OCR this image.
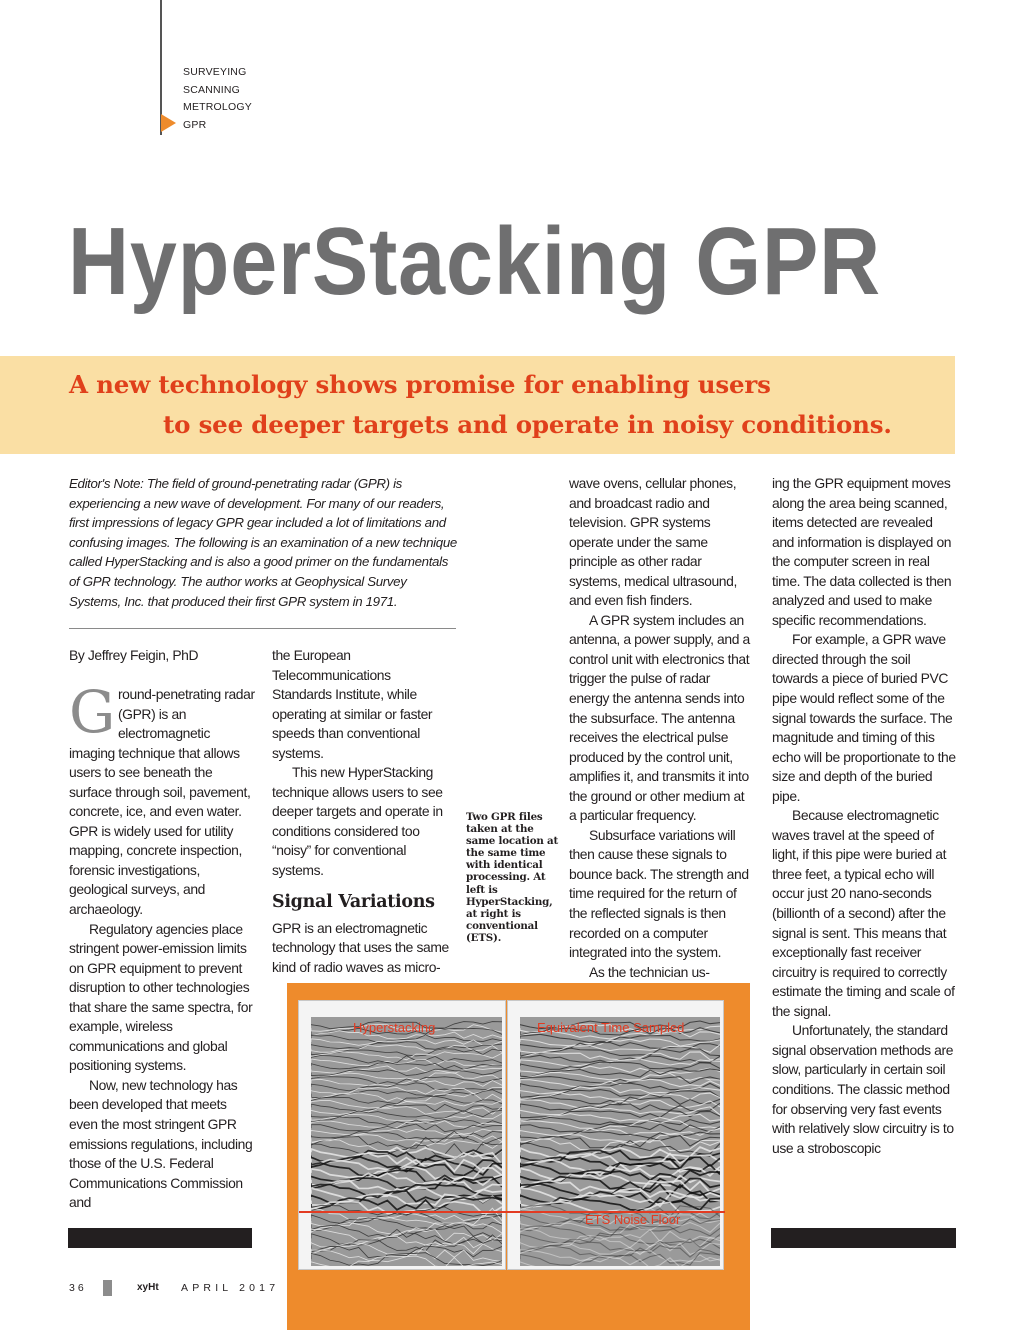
SURVEYING
SCANNING
METROLOGY
GPR
HyperStacking GPR
A new technology shows promise for enabling users
to see deeper targets and operate in noisy conditions.
Editor's Note: The field of ground-penetrating radar (GPR) is experiencing a new wave of development. For many of our readers, first impressions of legacy GPR gear included a lot of limitations and confusing images. The following is an examination of a new technique called HyperStacking and is also a good primer on the fundamentals of GPR technology. The author works at Geophysical Survey Systems, Inc. that produced their first GPR system in 1971.
By Jeffrey Feigin, PhD

Ground-penetrating radar (GPR) is an electromagnetic imaging technique that allows users to see beneath the surface through soil, pavement, concrete, ice, and even water. GPR is widely used for utility mapping, concrete inspection, forensic investigations, geological surveys, and archaeology.

Regulatory agencies place stringent power-emission limits on GPR equipment to prevent disruption to other technologies that share the same spectra, for example, wireless communications and global positioning systems.

Now, new technology has been developed that meets even the most stringent GPR emissions regulations, including those of the U.S. Federal Communications Commission and

the European Telecommunications Standards Institute, while operating at similar or faster speeds than conventional systems.

This new HyperStacking technique allows users to see deeper targets and operate in conditions considered too “noisy” for conventional systems.

Signal Variations

GPR is an electromagnetic technology that uses the same kind of radio waves as micro-

Two GPR files taken at the same location at the same time with identical processing. At left is HyperStacking, at right is conventional (ETS).

wave ovens, cellular phones, and broadcast radio and television. GPR systems operate under the same principle as other radar systems, medical ultrasound, and even fish finders.

A GPR system includes an antenna, a power supply, and a control unit with electronics that trigger the pulse of radar energy the antenna sends into the subsurface. The antenna receives the electrical pulse produced by the control unit, amplifies it, and transmits it into the ground or other medium at a particular frequency.

Subsurface variations will then cause these signals to bounce back. The strength and time required for the return of the reflected signals is then recorded on a computer integrated into the system.

As the technician us-

ing the GPR equipment moves along the area being scanned, items detected are revealed and information is displayed on the computer screen in real time. The data collected is then analyzed and used to make specific recommendations.

For example, a GPR wave directed through the soil towards a piece of buried PVC pipe would reflect some of the signal towards the surface. The magnitude and timing of this echo will be proportionate to the size and depth of the buried pipe.

Because electromagnetic waves travel at the speed of light, if this pipe were buried at three feet, a typical echo will occur just 20 nano-seconds (billionth of a second) after the signal is sent. This means that exceptionally fast receiver circuitry is required to correctly estimate the timing and scale of the signal.

Unfortunately, the standard signal observation methods are slow, particularly in certain soil conditions. The classic method for observing very fast events with relatively slow circuitry is to use a stroboscopic

Hyperstacking	Equivalent Time Sampled
ETS Noise Floor
36	xyHt APRIL 2017
